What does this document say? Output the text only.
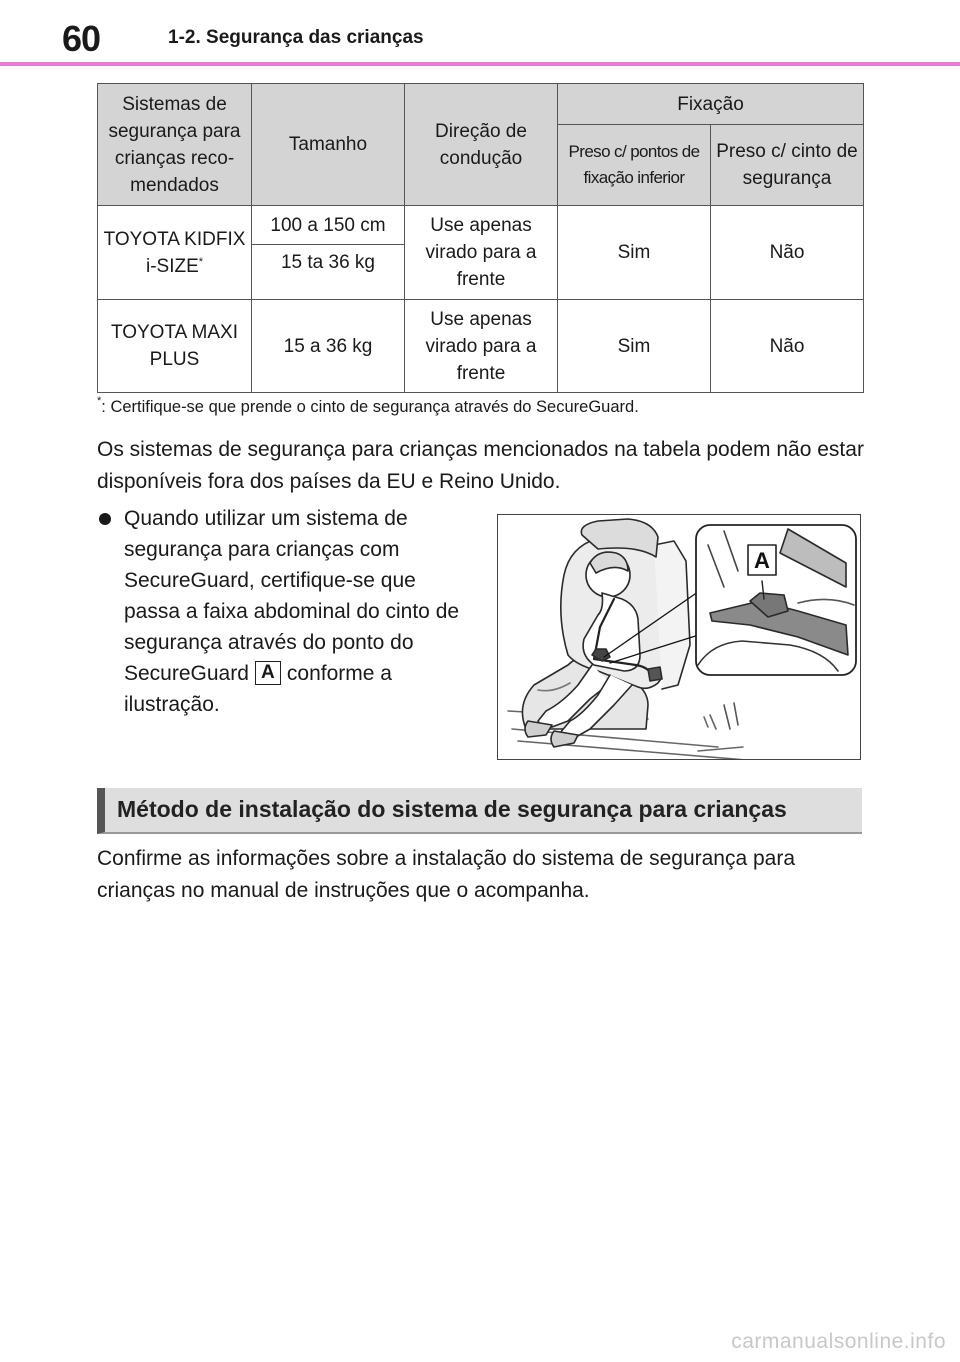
60	1-2. Segurança das crianças
Sistemas de segurança para crianças reco-mendados	Tamanho	Direção de condução	Fixação	
			Preso c/ pontos de fixação inferior	Preso c/ cinto de segurança
TOYOTA KIDFIX i-SIZE*	100 a 150 cm	Use apenas virado para a frente	Sim	Não
	15 ta 36 kg			
TOYOTA MAXI PLUS	15 a 36 kg	Use apenas virado para a frente	Sim	Não
*: Certifique-se que prende o cinto de segurança através do SecureGuard.

Os sistemas de segurança para crianças mencionados na tabela podem não estar disponíveis fora dos países da EU e Reino Unido.

Quando utilizar um sistema de segurança para crianças com SecureGuard, certifique-se que passa a faixa abdominal do cinto de segurança através do ponto do SecureGuard A conforme a ilustração.
A
Método de instalação do sistema de segurança para crianças

Confirme as informações sobre a instalação do sistema de segurança para crianças no manual de instruções que o acompanha.

carmanualsonline.info
